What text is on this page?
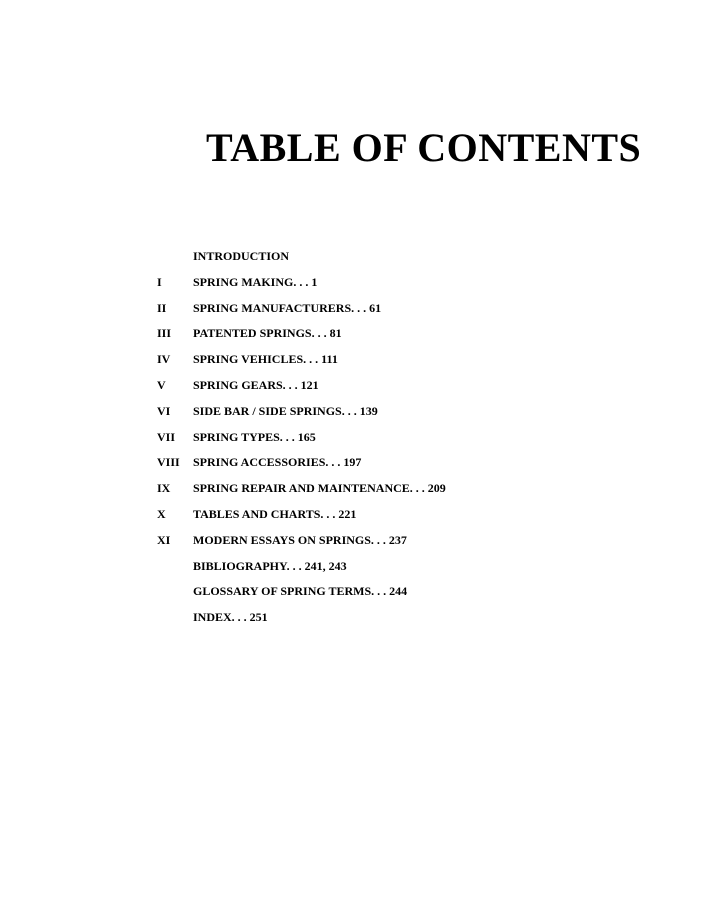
TABLE OF CONTENTS
INTRODUCTION
I	SPRING MAKING. . . 1
II SPRING MANUFACTURERS. . . 61
III PATENTED SPRINGS. . . 81
IV SPRING VEHICLES. . . 111
V SPRING GEARS. . . 121
VI SIDE BAR / SIDE SPRINGS. . . 139
VII SPRING TYPES. . . 165
VIII SPRING ACCESSORIES. . . 197
IX SPRING REPAIR AND MAINTENANCE. . . 209
X TABLES AND CHARTS. . . 221
XI MODERN ESSAYS ON SPRINGS. . . 237
BIBLIOGRAPHY. . . 241, 243
GLOSSARY OF SPRING TERMS. . . 244
INDEX. . . 251
